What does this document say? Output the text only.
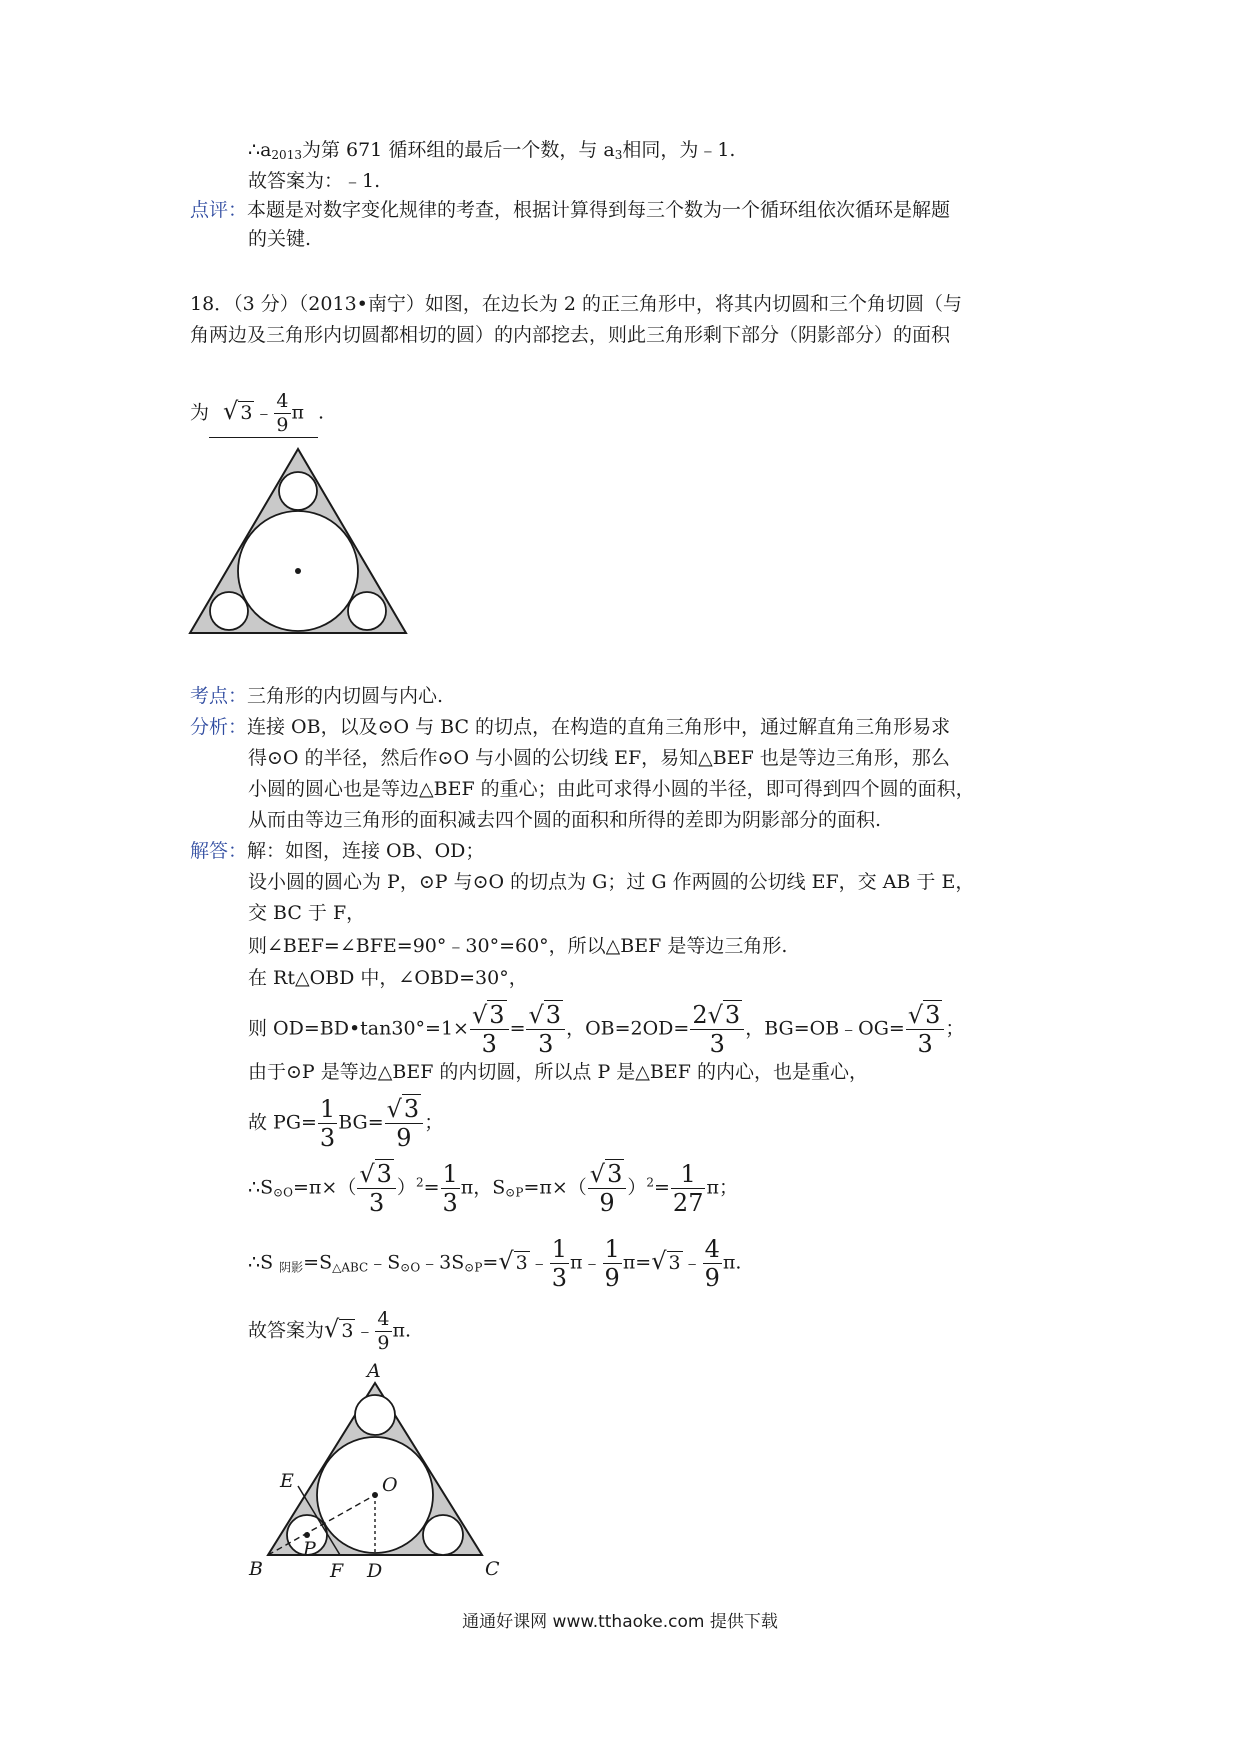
$\therefore a_{2013}$为第 671 循环组的最后一个数，与 $a_3$相同，为﹣1.
故答案为：﹣1.
点评：本题是对数字变化规律的考查，根据计算得到每三个数为一个循环组依次循环是解题
的关键.
18．（3 分）（2013•南宁）如图，在边长为 2 的正三角形中，将其内切圆和三个角切圆（与
角两边及三角形内切圆都相切的圆）的内部挖去，则此三角形剩下部分（阴影部分）的面积
为 √ 3 ﹣ $\frac{4}{9}$ π .
考点：三角形的内切圆与内心.
分析：连接 OB，以及⊙O 与 BC 的切点，在构造的直角三角形中，通过解直角三角形易求
得⊙O 的半径，然后作⊙O 与小圆的公切线 EF，易知△BEF 也是等边三角形，那么
小圆的圆心也是等边△BEF 的重心；由此可求得小圆的半径，即可得到四个圆的面积，
从而由等边三角形的面积减去四个圆的面积和所得的差即为阴影部分的面积.
解答：解：如图，连接 OB、OD；
设小圆的圆心为 P，⊙P 与⊙O 的切点为 G；过 G 作两圆的公切线 EF，交 AB 于 E，
交 BC 于 F，
则∠BEF=∠BFE=90°﹣30°=60°，所以△BEF 是等边三角形.
在 Rt△OBD 中，∠OBD=30°，
则 OD=BD•tan30°=1× $\frac{√3}{3} = \frac{√3}{3}$ ，$OB=2OD= \frac{2√3}{3}$ ，BG=OB﹣OG= $\frac{√3}{3}$ ；
由于⊙P 是等边△BEF 的内切圆，所以点 P 是△BEF 的内心，也是重心，
故 $PG= \frac{1}{3} BG= \frac{√3}{9}$ ；
$\therefore S_{⊙O}=\pi\times( \frac{√3}{3} )^2= \frac{1}{3}$ π，$S_{⊙P}=\pi\times( \frac{√3}{9} )^2= \frac{1}{27}$ π；
∴S $_{阴影}=S_{\triangle ABC}﹣S_{⊙O}﹣3S_{⊙P}=√$ 3 ﹣ $\frac{1}{3}$ π﹣ $\frac{1}{9} \pi=√$ 3 ﹣ $\frac{4}{9} \pi$.
故答案为√ 3 ﹣ $\frac{4}{9} \pi$.
A
B	C
D
E
F
O
P
通通好课网 www.tthaoke.com 提供下载
